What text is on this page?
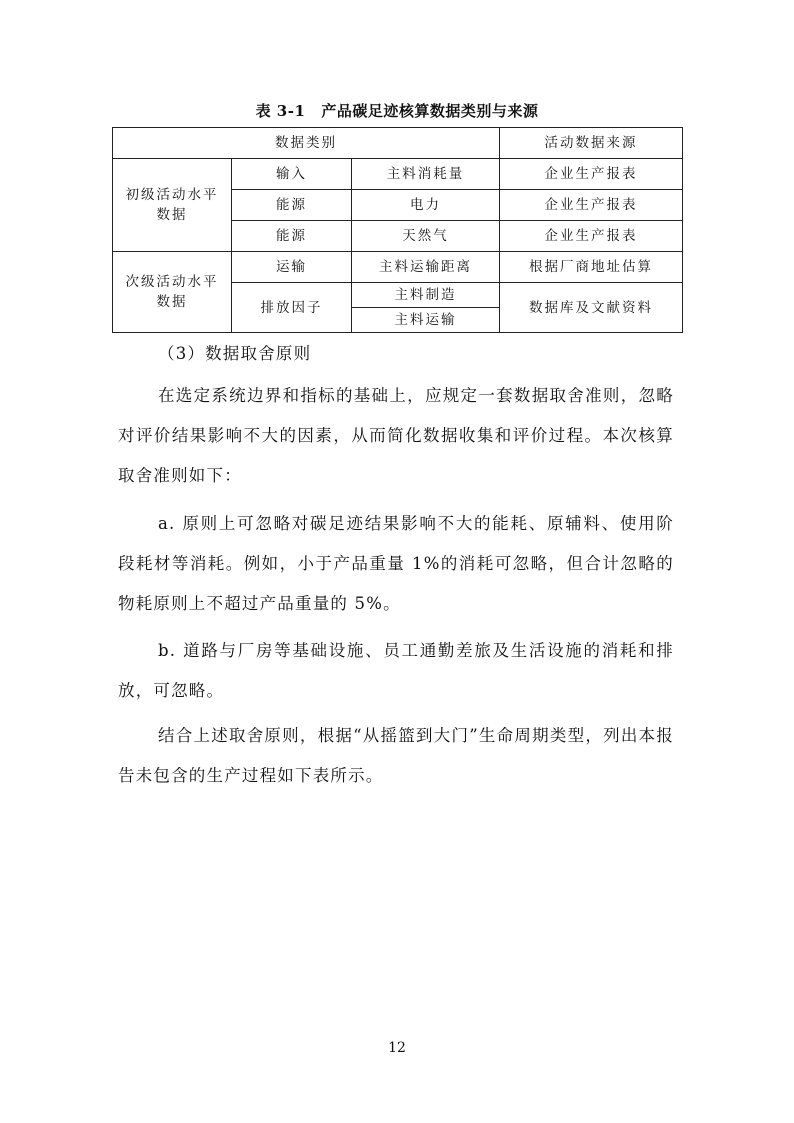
表 3-1 产品碳足迹核算数据类别与来源
数据类别			活动数据来源
初级活动水平
数据	输入	主料消耗量	企业生产报表
	能源	电力	企业生产报表
	能源	天然气	企业生产报表
次级活动水平
数据	运输	主料运输距离	根据厂商地址估算
	排放因子	主料制造	数据库及文献资料
		主料运输	
（3）数据取舍原则
在选定系统边界和指标的基础上，应规定一套数据取舍准则，忽略对评价结果影响不大的因素，从而简化数据收集和评价过程。本次核算取舍准则如下：
a. 原则上可忽略对碳足迹结果影响不大的能耗、原辅料、使用阶段耗材等消耗。例如，小于产品重量 1%的消耗可忽略，但合计忽略的物耗原则上不超过产品重量的 5%。
b. 道路与厂房等基础设施、员工通勤差旅及生活设施的消耗和排放，可忽略。
结合上述取舍原则，根据“从摇篮到大门”生命周期类型，列出本报告未包含的生产过程如下表所示。
12
